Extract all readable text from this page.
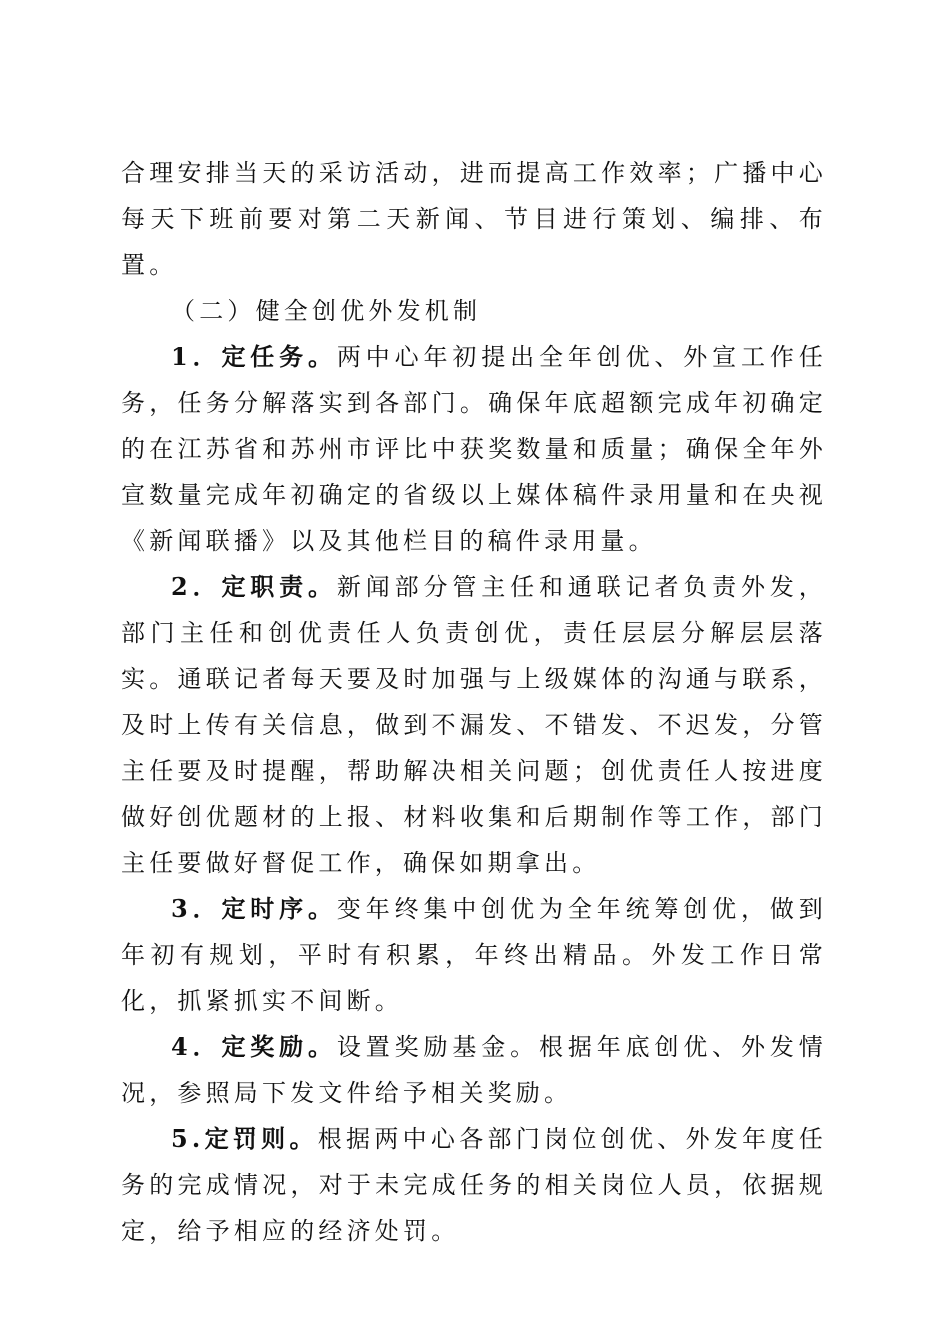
合理安排当天的采访活动，进而提高工作效率；广播中心每天下班前要对第二天新闻、节目进行策划、编排、布置。

（二）健全创优外发机制

1．定任务。两中心年初提出全年创优、外宣工作任务，任务分解落实到各部门。确保年底超额完成年初确定的在江苏省和苏州市评比中获奖数量和质量；确保全年外宣数量完成年初确定的省级以上媒体稿件录用量和在央视《新闻联播》以及其他栏目的稿件录用量。

2．定职责。新闻部分管主任和通联记者负责外发，部门主任和创优责任人负责创优，责任层层分解层层落实。通联记者每天要及时加强与上级媒体的沟通与联系，及时上传有关信息，做到不漏发、不错发、不迟发，分管主任要及时提醒，帮助解决相关问题；创优责任人按进度做好创优题材的上报、材料收集和后期制作等工作，部门主任要做好督促工作，确保如期拿出。

3．定时序。变年终集中创优为全年统筹创优，做到年初有规划，平时有积累，年终出精品。外发工作日常化，抓紧抓实不间断。

4．定奖励。设置奖励基金。根据年底创优、外发情况，参照局下发文件给予相关奖励。

5.定罚则。根据两中心各部门岗位创优、外发年度任务的完成情况，对于未完成任务的相关岗位人员，依据规定，给予相应的经济处罚。
